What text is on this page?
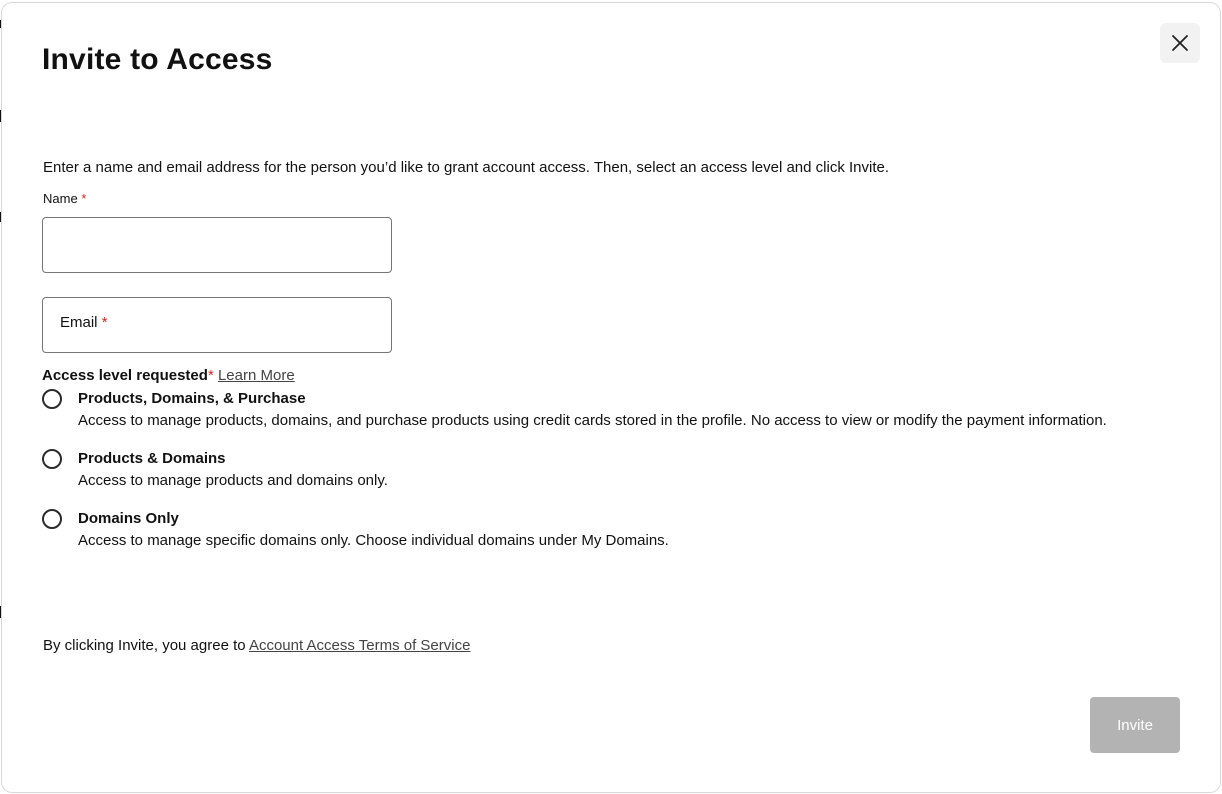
Invite to Access
Enter a name and email address for the person you’d like to grant account access. Then, select an access level and click Invite.
Name *
Email *
Access level requested* Learn More
Products, Domains, & Purchase
Access to manage products, domains, and purchase products using credit cards stored in the profile. No access to view or modify the payment information.
Products & Domains
Access to manage products and domains only.
Domains Only
Access to manage specific domains only. Choose individual domains under My Domains.
By clicking Invite, you agree to Account Access Terms of Service
Invite
